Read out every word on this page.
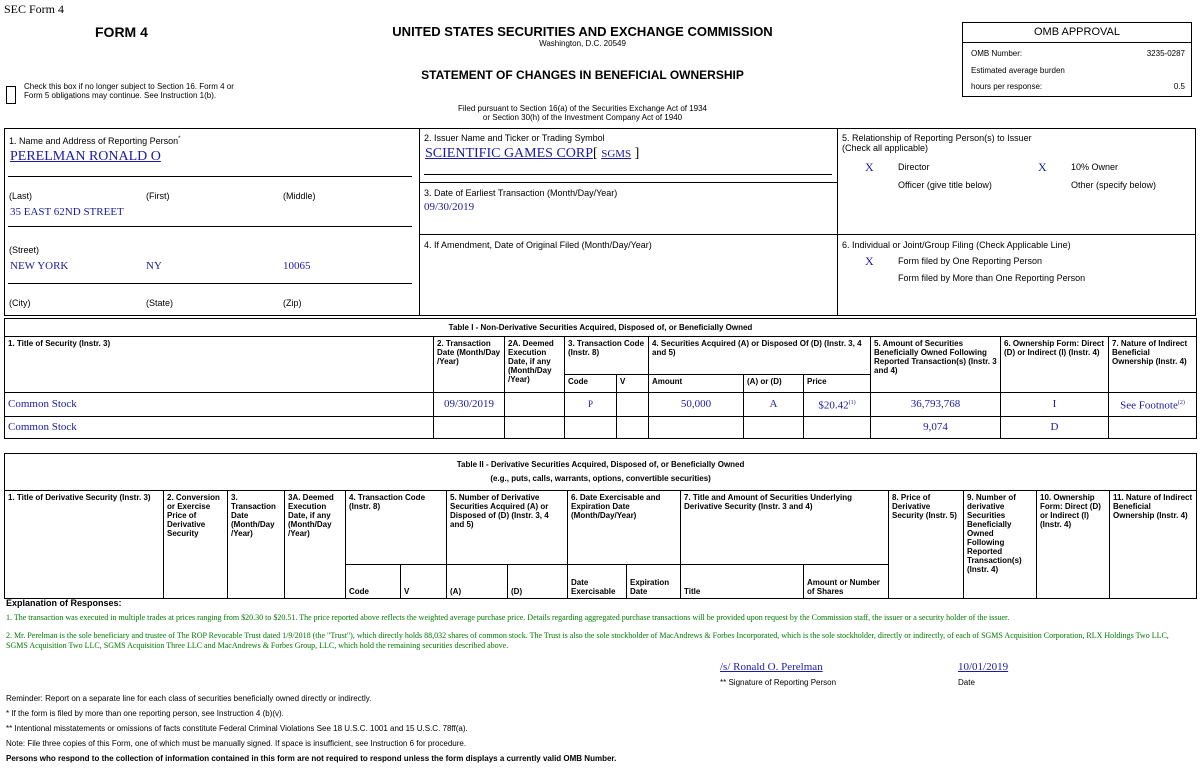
SEC Form 4
FORM 4	UNITED STATES SECURITIES AND EXCHANGE COMMISSION
Washington, D.C. 20549
STATEMENT OF CHANGES IN BENEFICIAL OWNERSHIP
Filed pursuant to Section 16(a) of the Securities Exchange Act of 1934
or Section 30(h) of the Investment Company Act of 1940
Check this box if no longer subject to Section 16. Form 4 or Form 5 obligations may continue. See Instruction 1(b).
OMB APPROVAL
OMB Number:	3235-0287
Estimated average burden
hours per response:	0.5
1. Name and Address of Reporting Person*
PERELMAN RONALD O
(Last)	(First)	(Middle)
35 EAST 62ND STREET
(Street)
NEW YORK	NY	10065
(City)	(State)	(Zip)
2. Issuer Name and Ticker or Trading Symbol
SCIENTIFIC GAMES CORP[ SGMS ]
3. Date of Earliest Transaction (Month/Day/Year)
09/30/2019
4. If Amendment, Date of Original Filed (Month/Day/Year)
5. Relationship of Reporting Person(s) to Issuer
(Check all applicable)
X	Director	X	10% Owner
Officer (give title below)	Other (specify below)
6. Individual or Joint/Group Filing (Check Applicable Line)
X	Form filed by One Reporting Person
Form filed by More than One Reporting Person
Table I - Non-Derivative Securities Acquired, Disposed of, or Beneficially Owned										
1. Title of Security (Instr. 3)	2. Transaction Date (Month/Day /Year)	2A. Deemed Execution Date, if any (Month/Day /Year)	3. Transaction Code (Instr. 8)		4. Securities Acquired (A) or Disposed Of (D) (Instr. 3, 4 and 5)			5. Amount of Securities Beneficially Owned Following Reported Transaction(s) (Instr. 3 and 4)	6. Ownership Form: Direct (D) or Indirect (I) (Instr. 4)	7. Nature of Indirect Beneficial Ownership (Instr. 4)
			Code	V	Amount	(A) or (D)	Price			
Common Stock	09/30/2019		P		50,000	A	$20.42$^{(1)}$	36,793,768	I	See Footnote$^{(2)}$
Common Stock								9,074	D	
Table II - Derivative Securities Acquired, Disposed of, or Beneficially Owned
(e.g., puts, calls, warrants, options, convertible securities)															

1. Title of Derivative Security (Instr. 3)	2. Conversion or Exercise Price of Derivative Security	3. Transaction Date (Month/Day /Year)	3A. Deemed Execution Date, if any (Month/Day /Year)	4. Transaction Code (Instr. 8)		5. Number of Derivative Securities Acquired (A) or Disposed of (D) (Instr. 3, 4 and 5)		6. Date Exercisable and Expiration Date (Month/Day/Year)		7. Title and Amount of Securities Underlying Derivative Security (Instr. 3 and 4)		8. Price of Derivative Security (Instr. 5)	9. Number of derivative Securities Beneficially Owned Following Reported Transaction(s) (Instr. 4)	10. Ownership Form: Direct (D) or Indirect (I) (Instr. 4)	11. Nature of Indirect Beneficial Ownership (Instr. 4)
				Code	V	(A)	(D)	Date Exercisable	Expiration Date	Title	Amount or Number of Shares				
Explanation of Responses:
1. The transaction was executed in multiple trades at prices ranging from $20.30 to $20.51. The price reported above reflects the weighted average purchase price. Details regarding aggregated purchase transactions will be provided upon request by the Commission staff, the issuer or a security holder of the issuer.
2. Mr. Perelman is the sole beneficiary and trustee of The ROP Revocable Trust dated 1/9/2018 (the "Trust"), which directly holds 88,032 shares of common stock. The Trust is also the sole stockholder of MacAndrews & Forbes Incorporated, which is the sole stockholder, directly or indirectly, of each of SGMS Acquisition Corporation, RLX Holdings Two LLC, SGMS Acquisition Two LLC, SGMS Acquisition Three LLC and MacAndrews & Forbes Group, LLC, which hold the remaining securities described above.
/s/ Ronald O. Perelman	10/01/2019
** Signature of Reporting Person	Date
Reminder: Report on a separate line for each class of securities beneficially owned directly or indirectly.
* If the form is filed by more than one reporting person, see Instruction 4 (b)(v).
** Intentional misstatements or omissions of facts constitute Federal Criminal Violations See 18 U.S.C. 1001 and 15 U.S.C. 78ff(a).
Note: File three copies of this Form, one of which must be manually signed. If space is insufficient, see Instruction 6 for procedure.
Persons who respond to the collection of information contained in this form are not required to respond unless the form displays a currently valid OMB Number.
